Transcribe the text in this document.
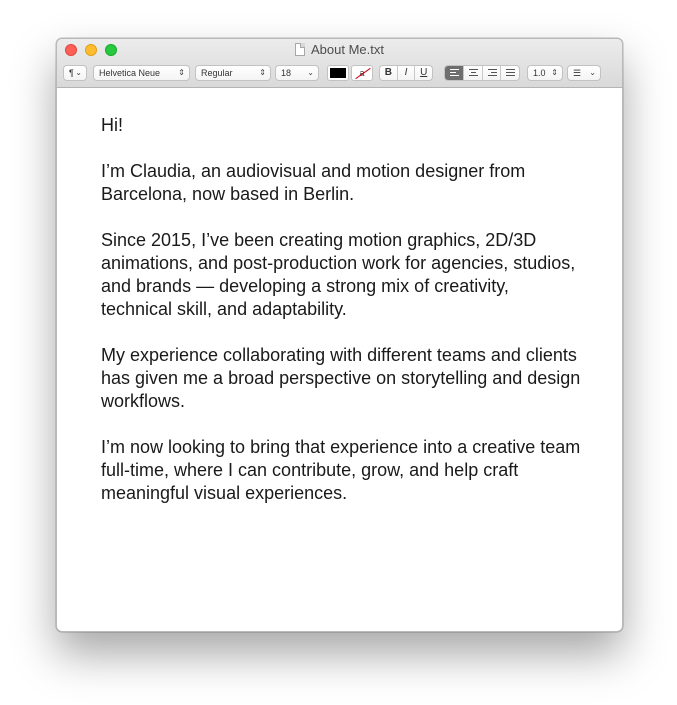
About Me.txt
¶ ⌄	Helvetica Neue ⇕	Regular	⇕	18 ⌄	B	I	U	1.0 ⇕	☰ ⌄

Hi!

I’m Claudia, an audiovisual and motion designer from Barcelona, now based in Berlin.

Since 2015, I’ve been creating motion graphics, 2D/3D animations, and post-production work for agencies, studios, and brands — developing a strong mix of creativity, technical skill, and adaptability.

My experience collaborating with different teams and clients has given me a broad perspective on storytelling and design workflows.

I’m now looking to bring that experience into a creative team full-time, where I can contribute, grow, and help craft meaningful visual experiences.
